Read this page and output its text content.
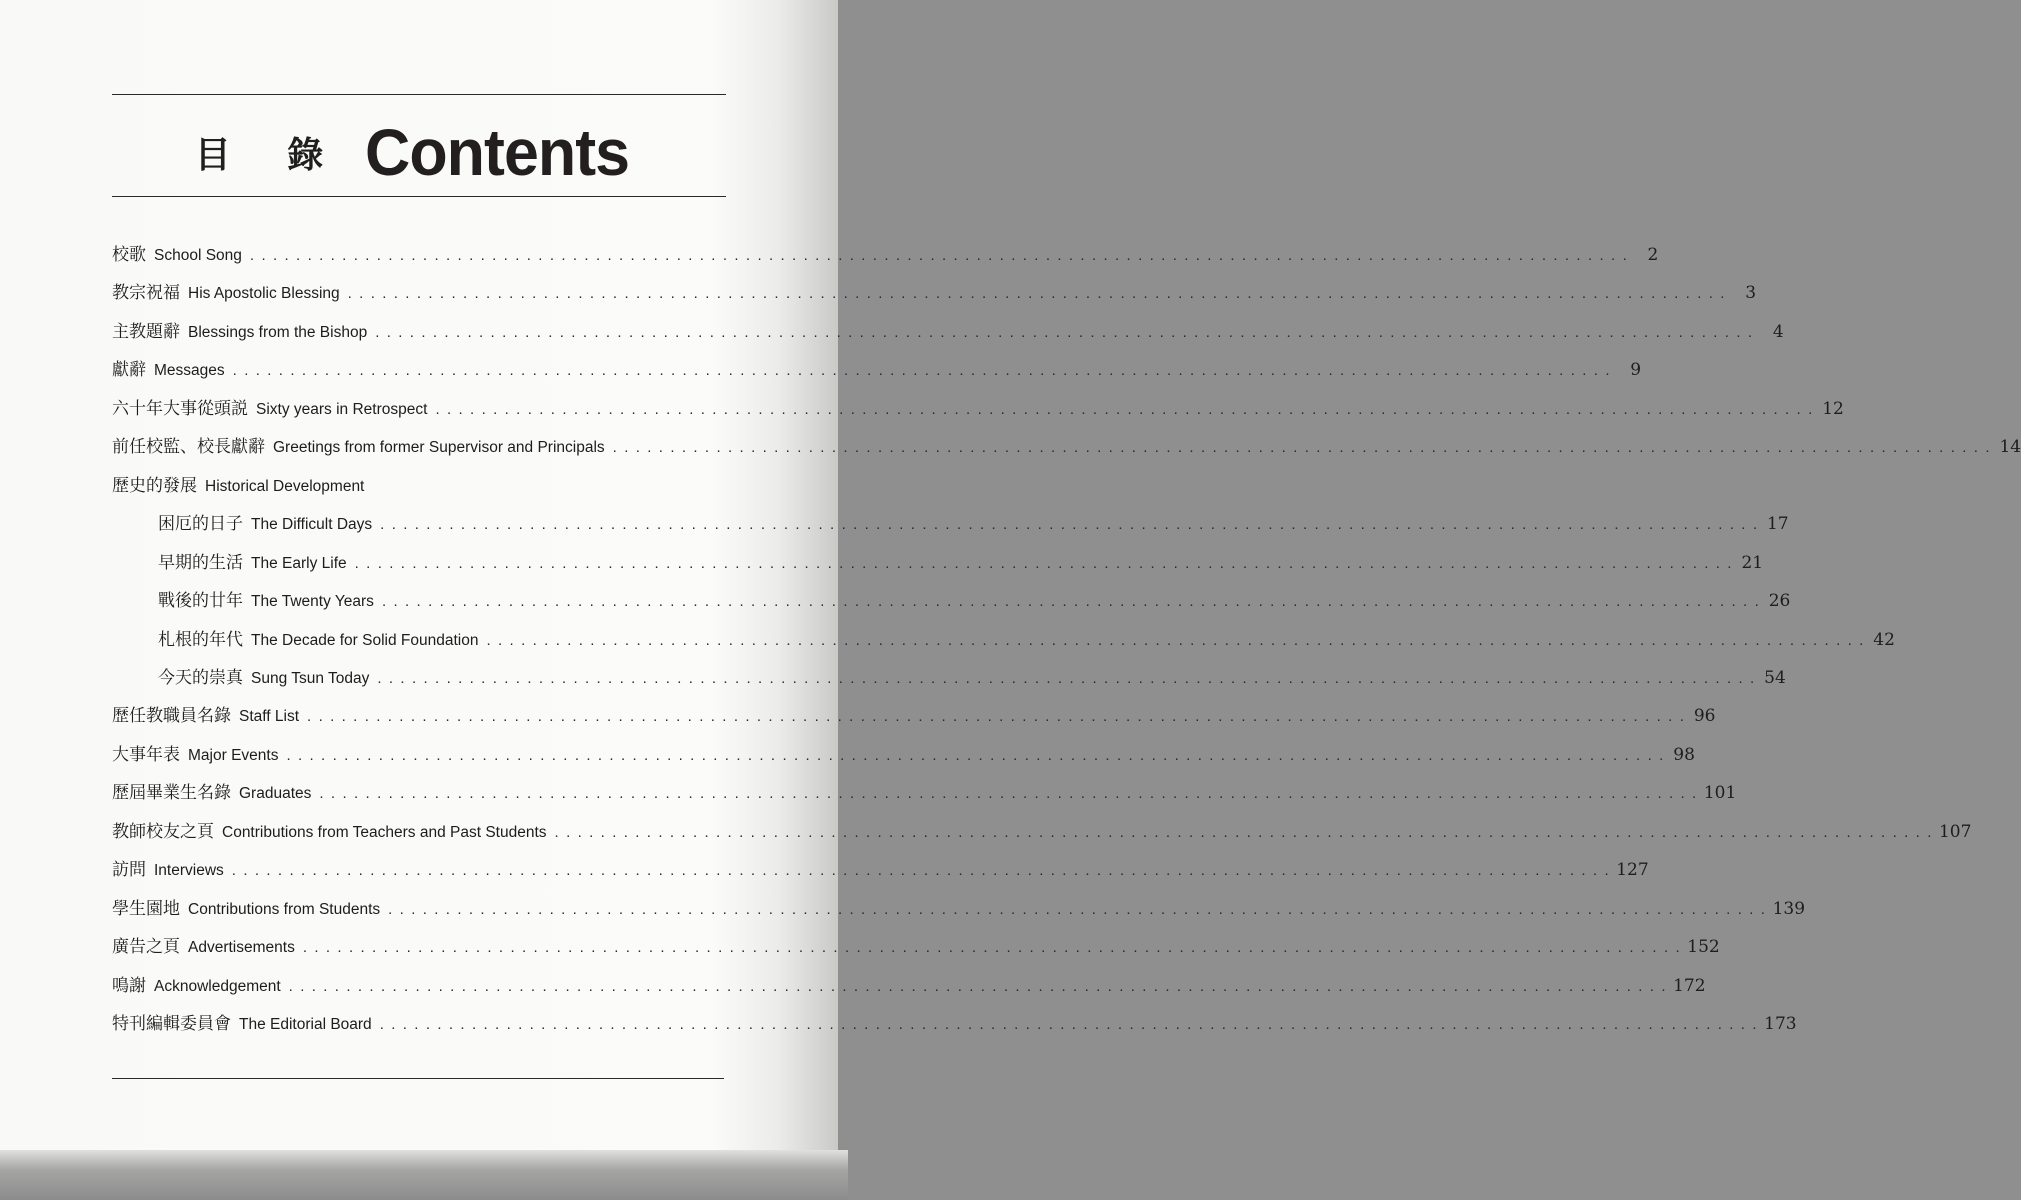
目 錄 Contents
校歌 School Song . . . . . . . . . . . . . . . . . . . . . . . . . . . . . . . . . . . . . . . . . . . . . . . . . . . . . . . . . . . . . . . . . . . . . . . . . . . . . . . . . . . . . . . . . . . . . . . . . . . . . . . . . . . . . . . . . . . . . . . .	2
教宗祝福 His Apostolic Blessing . . . . . . . . . . . . . . . . . . . . . . . . . . . . . . . . . . . . . . . . . . . . . . . . . . . . . . . . . . . . . . . . . . . . . . . . . . . . . . . . . . . . . . . . . . . . . . . . . . . . . . . . . . . . . . . . . . . . . . . .	3
主教題辭 Blessings from the Bishop . . . . . . . . . . . . . . . . . . . . . . . . . . . . . . . . . . . . . . . . . . . . . . . . . . . . . . . . . . . . . . . . . . . . . . . . . . . . . . . . . . . . . . . . . . . . . . . . . . . . . . . . . . . . . . . . . . . . . . . .	4
獻辭 Messages . . . . . . . . . . . . . . . . . . . . . . . . . . . . . . . . . . . . . . . . . . . . . . . . . . . . . . . . . . . . . . . . . . . . . . . . . . . . . . . . . . . . . . . . . . . . . . . . . . . . . . . . . . . . . . . . . . . . . . . .	9
六十年大事從頭説 Sixty years in Retrospect . . . . . . . . . . . . . . . . . . . . . . . . . . . . . . . . . . . . . . . . . . . . . . . . . . . . . . . . . . . . . . . . . . . . . . . . . . . . . . . . . . . . . . . . . . . . . . . . . . . . . . . . . . . . . . . . . . . . . . . . 12
前任校監、校長獻辭 Greetings from former Supervisor and Principals . . . . . . . . . . . . . . . . . . . . . . . . . . . . . . . . . . . . . . . . . . . . . . . . . . . . . . . . . . . . . . . . . . . . . . . . . . . . . . . . . . . . . . . . . . . . . . . . . . . . . . . . . . . . . . . . . . . . . . . . 14
歷史的發展 Historical Development
困厄的日子 The Difficult Days . . . . . . . . . . . . . . . . . . . . . . . . . . . . . . . . . . . . . . . . . . . . . . . . . . . . . . . . . . . . . . . . . . . . . . . . . . . . . . . . . . . . . . . . . . . . . . . . . . . . . . . . . . . . . . . . . . . . . . . . 17
早期的生活 The Early Life . . . . . . . . . . . . . . . . . . . . . . . . . . . . . . . . . . . . . . . . . . . . . . . . . . . . . . . . . . . . . . . . . . . . . . . . . . . . . . . . . . . . . . . . . . . . . . . . . . . . . . . . . . . . . . . . . . . . . . . . 21
戰後的廿年 The Twenty Years . . . . . . . . . . . . . . . . . . . . . . . . . . . . . . . . . . . . . . . . . . . . . . . . . . . . . . . . . . . . . . . . . . . . . . . . . . . . . . . . . . . . . . . . . . . . . . . . . . . . . . . . . . . . . . . . . . . . . . . . 26
札根的年代 The Decade for Solid Foundation . . . . . . . . . . . . . . . . . . . . . . . . . . . . . . . . . . . . . . . . . . . . . . . . . . . . . . . . . . . . . . . . . . . . . . . . . . . . . . . . . . . . . . . . . . . . . . . . . . . . . . . . . . . . . . . . . . . . . . . . 42
今天的崇真 Sung Tsun Today . . . . . . . . . . . . . . . . . . . . . . . . . . . . . . . . . . . . . . . . . . . . . . . . . . . . . . . . . . . . . . . . . . . . . . . . . . . . . . . . . . . . . . . . . . . . . . . . . . . . . . . . . . . . . . . . . . . . . . . . 54
歷任教職員名錄 Staff List . . . . . . . . . . . . . . . . . . . . . . . . . . . . . . . . . . . . . . . . . . . . . . . . . . . . . . . . . . . . . . . . . . . . . . . . . . . . . . . . . . . . . . . . . . . . . . . . . . . . . . . . . . . . . . . . . . . . . . . . 96
大事年表 Major Events . . . . . . . . . . . . . . . . . . . . . . . . . . . . . . . . . . . . . . . . . . . . . . . . . . . . . . . . . . . . . . . . . . . . . . . . . . . . . . . . . . . . . . . . . . . . . . . . . . . . . . . . . . . . . . . . . . . . . . . . 98
歷屆畢業生名錄 Graduates . . . . . . . . . . . . . . . . . . . . . . . . . . . . . . . . . . . . . . . . . . . . . . . . . . . . . . . . . . . . . . . . . . . . . . . . . . . . . . . . . . . . . . . . . . . . . . . . . . . . . . . . . . . . . . . . . . . . . . . . 101
教師校友之頁 Contributions from Teachers and Past Students . . . . . . . . . . . . . . . . . . . . . . . . . . . . . . . . . . . . . . . . . . . . . . . . . . . . . . . . . . . . . . . . . . . . . . . . . . . . . . . . . . . . . . . . . . . . . . . . . . . . . . . . . . . . . . . . . . . . . . . . 107
訪問 Interviews . . . . . . . . . . . . . . . . . . . . . . . . . . . . . . . . . . . . . . . . . . . . . . . . . . . . . . . . . . . . . . . . . . . . . . . . . . . . . . . . . . . . . . . . . . . . . . . . . . . . . . . . . . . . . . . . . . . . . . . . 127
學生園地 Contributions from Students . . . . . . . . . . . . . . . . . . . . . . . . . . . . . . . . . . . . . . . . . . . . . . . . . . . . . . . . . . . . . . . . . . . . . . . . . . . . . . . . . . . . . . . . . . . . . . . . . . . . . . . . . . . . . . . . . . . . . . . . 139
廣告之頁 Advertisements . . . . . . . . . . . . . . . . . . . . . . . . . . . . . . . . . . . . . . . . . . . . . . . . . . . . . . . . . . . . . . . . . . . . . . . . . . . . . . . . . . . . . . . . . . . . . . . . . . . . . . . . . . . . . . . . . . . . . . . . 152
鳴謝 Acknowledgement . . . . . . . . . . . . . . . . . . . . . . . . . . . . . . . . . . . . . . . . . . . . . . . . . . . . . . . . . . . . . . . . . . . . . . . . . . . . . . . . . . . . . . . . . . . . . . . . . . . . . . . . . . . . . . . . . . . . . . . . 172
特刊編輯委員會 The Editorial Board . . . . . . . . . . . . . . . . . . . . . . . . . . . . . . . . . . . . . . . . . . . . . . . . . . . . . . . . . . . . . . . . . . . . . . . . . . . . . . . . . . . . . . . . . . . . . . . . . . . . . . . . . . . . . . . . . . . . . . . . 173
